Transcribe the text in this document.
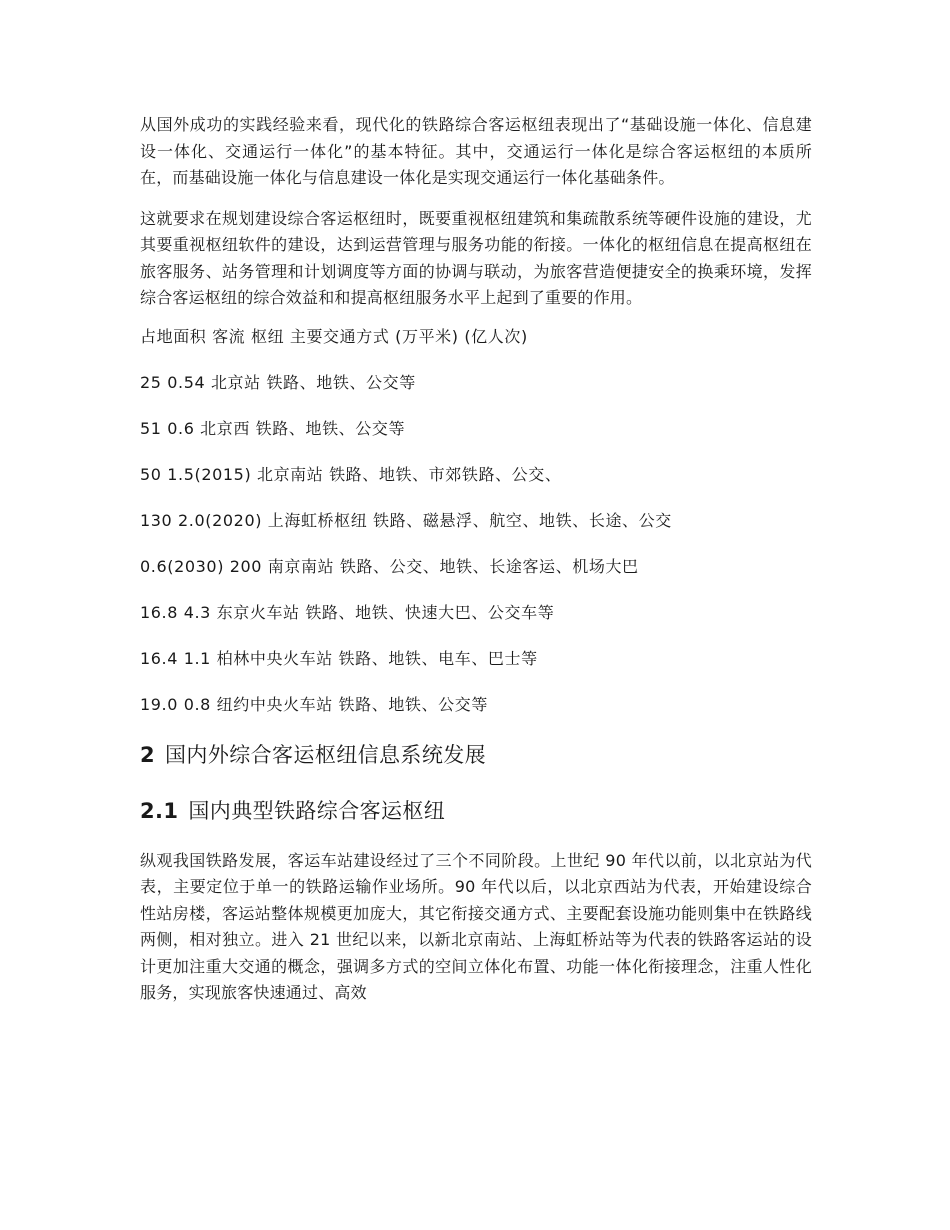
从国外成功的实践经验来看，现代化的铁路综合客运枢纽表现出了“基础设施一体化、信息建设一体化、交通运行一体化”的基本特征。其中，交通运行一体化是综合客运枢纽的本质所在，而基础设施一体化与信息建设一体化是实现交通运行一体化基础条件。

这就要求在规划建设综合客运枢纽时，既要重视枢纽建筑和集疏散系统等硬件设施的建设，尤其要重视枢纽软件的建设，达到运营管理与服务功能的衔接。一体化的枢纽信息在提高枢纽在旅客服务、站务管理和计划调度等方面的协调与联动，为旅客营造便捷安全的换乘环境，发挥综合客运枢纽的综合效益和和提高枢纽服务水平上起到了重要的作用。

占地面积 客流 枢纽 主要交通方式 (万平米) (亿人次)

25 0.54 北京站 铁路、地铁、公交等

51 0.6 北京西 铁路、地铁、公交等

50 1.5(2015) 北京南站 铁路、地铁、市郊铁路、公交、

130 2.0(2020) 上海虹桥枢纽 铁路、磁悬浮、航空、地铁、长途、公交

0.6(2030) 200 南京南站 铁路、公交、地铁、长途客运、机场大巴

16.8 4.3 东京火车站 铁路、地铁、快速大巴、公交车等

16.4 1.1 柏林中央火车站 铁路、地铁、电车、巴士等

19.0 0.8 纽约中央火车站 铁路、地铁、公交等

2 国内外综合客运枢纽信息系统发展
2.1 国内典型铁路综合客运枢纽

纵观我国铁路发展，客运车站建设经过了三个不同阶段。上世纪 90 年代以前，以北京站为代表，主要定位于单一的铁路运输作业场所。90 年代以后，以北京西站为代表，开始建设综合性站房楼，客运站整体规模更加庞大，其它衔接交通方式、主要配套设施功能则集中在铁路线两侧，相对独立。进入 21 世纪以来，以新北京南站、上海虹桥站等为代表的铁路客运站的设计更加注重大交通的概念，强调多方式的空间立体化布置、功能一体化衔接理念，注重人性化服务，实现旅客快速通过、高效
